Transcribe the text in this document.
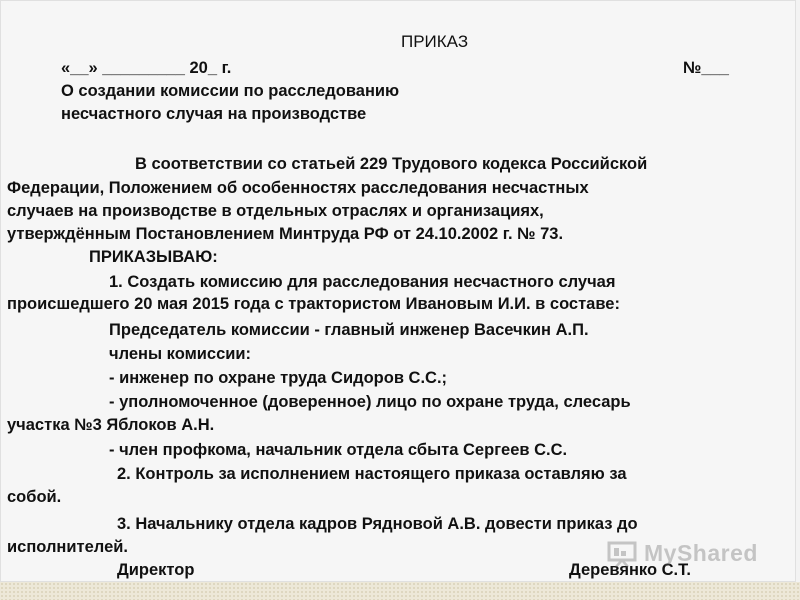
ПРИКАЗ
«__» _________ 20_ г.	№___
О создании комиссии по расследованию
несчастного случая на производстве
В соответствии со статьей 229 Трудового кодекса Российской
Федерации, Положением об особенностях расследования несчастных
случаев на производстве в отдельных отраслях и организациях,
утверждённым Постановлением Минтруда РФ от 24.10.2002 г. № 73.
ПРИКАЗЫВАЮ:
1. Создать комиссию для расследования несчастного случая
происшедшего 20 мая 2015 года с трактористом Ивановым И.И. в составе:
Председатель комиссии - главный инженер Васечкин А.П.
члены комиссии:
- инженер по охране труда Сидоров С.С.;
- уполномоченное (доверенное) лицо по охране труда, слесарь
участка №3 Яблоков А.Н.
- член профкома, начальник отдела сбыта Сергеев С.С.
2. Контроль за исполнением настоящего приказа оставляю за
собой.
3. Начальнику отдела кадров Рядновой А.В. довести приказ до
исполнителей.
Директор	Деревянко С.Т.
MyShared
